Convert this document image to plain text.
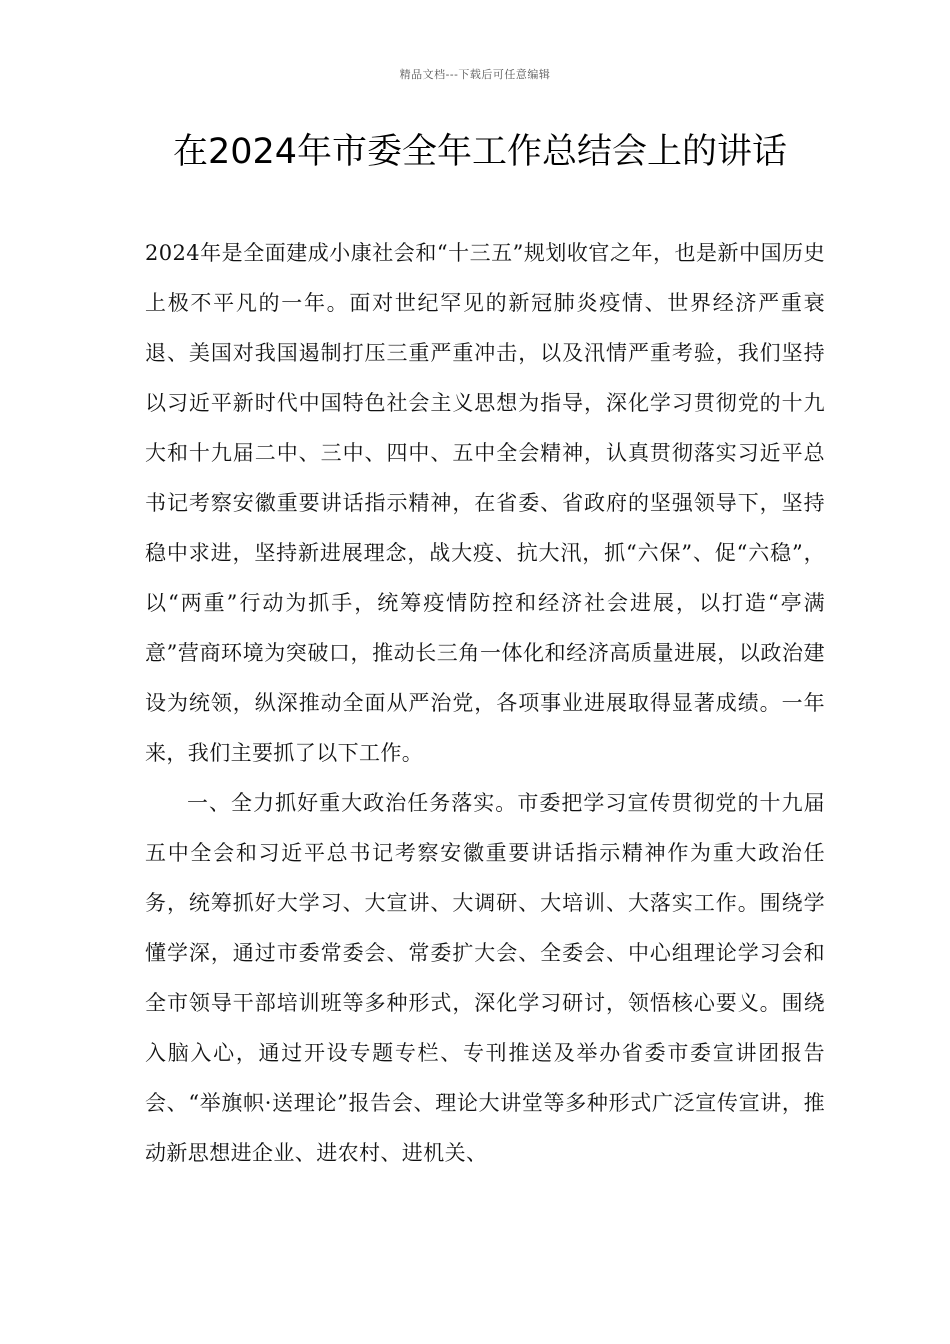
精品文档---下载后可任意编辑
在2024年市委全年工作总结会上的讲话

2024年是全面建成小康社会和“十三五”规划收官之年，也是新中国历史上极不平凡的一年。面对世纪罕见的新冠肺炎疫情、世界经济严重衰退、美国对我国遏制打压三重严重冲击，以及汛情严重考验，我们坚持以习近平新时代中国特色社会主义思想为指导，深化学习贯彻党的十九大和十九届二中、三中、四中、五中全会精神，认真贯彻落实习近平总书记考察安徽重要讲话指示精神，在省委、省政府的坚强领导下，坚持稳中求进，坚持新进展理念，战大疫、抗大汛，抓“六保”、促“六稳”，以“两重”行动为抓手，统筹疫情防控和经济社会进展，以打造“亭满意”营商环境为突破口，推动长三角一体化和经济高质量进展，以政治建设为统领，纵深推动全面从严治党，各项事业进展取得显著成绩。一年来，我们主要抓了以下工作。

一、全力抓好重大政治任务落实。市委把学习宣传贯彻党的十九届五中全会和习近平总书记考察安徽重要讲话指示精神作为重大政治任务，统筹抓好大学习、大宣讲、大调研、大培训、大落实工作。围绕学懂学深，通过市委常委会、常委扩大会、全委会、中心组理论学习会和全市领导干部培训班等多种形式，深化学习研讨，领悟核心要义。围绕入脑入心，通过开设专题专栏、专刊推送及举办省委市委宣讲团报告会、“举旗帜·送理论”报告会、理论大讲堂等多种形式广泛宣传宣讲，推动新思想进企业、进农村、进机关、
